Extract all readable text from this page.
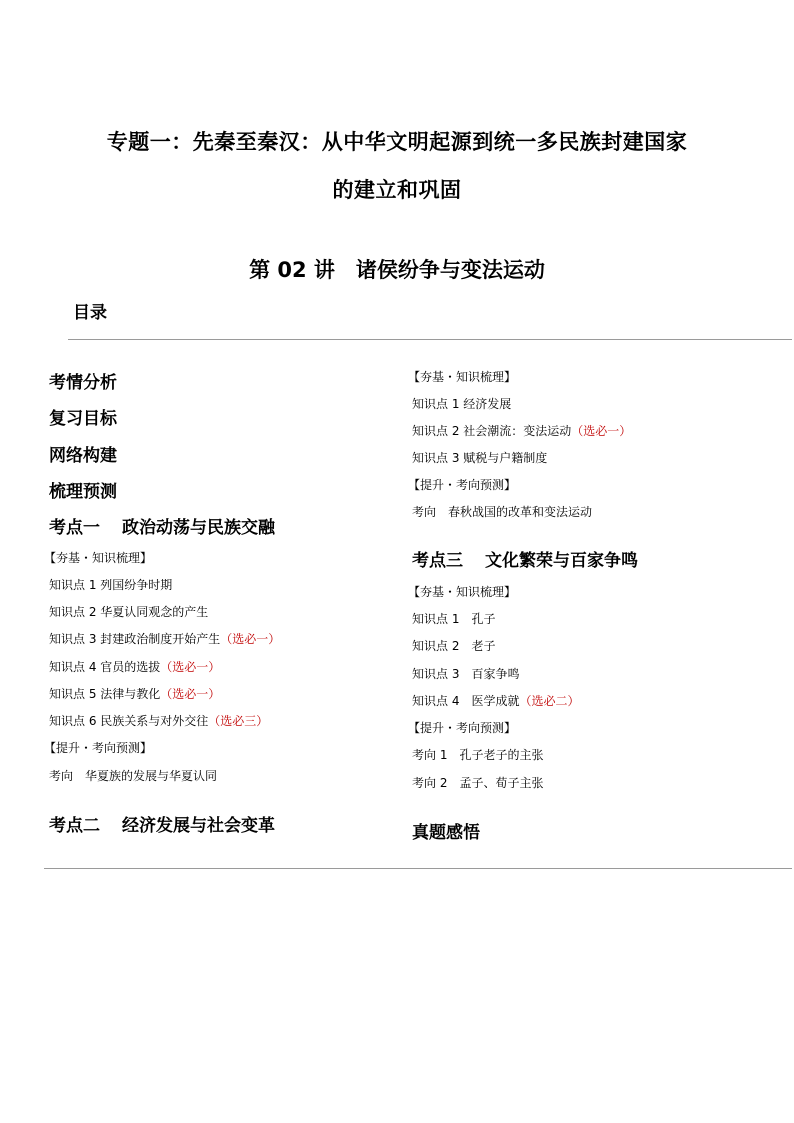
专题一：先秦至秦汉：从中华文明起源到统一多民族封建国家
的建立和巩固
第 02 讲　诸侯纷争与变法运动
目录
考情分析
复习目标
网络构建
梳理预测
考点一 政治动荡与民族交融
【夯基・知识梳理】
知识点 1 列国纷争时期
知识点 2 华夏认同观念的产生
知识点 3 封建政治制度开始产生（选必一）
知识点 4 官员的选拔（选必一）
知识点 5 法律与教化（选必一）
知识点 6 民族关系与对外交往（选必三）
【提升・考向预测】
考向　华夏族的发展与华夏认同
考点二 经济发展与社会变革
【夯基・知识梳理】
知识点 1 经济发展
知识点 2 社会潮流：变法运动（选必一）
知识点 3 赋税与户籍制度
【提升・考向预测】
考向　春秋战国的改革和变法运动
考点三 文化繁荣与百家争鸣
【夯基・知识梳理】
知识点 1　孔子
知识点 2　老子
知识点 3　百家争鸣
知识点 4　医学成就（选必二）
【提升・考向预测】
考向 1　孔子老子的主张
考向 2　孟子、荀子主张
真题感悟
